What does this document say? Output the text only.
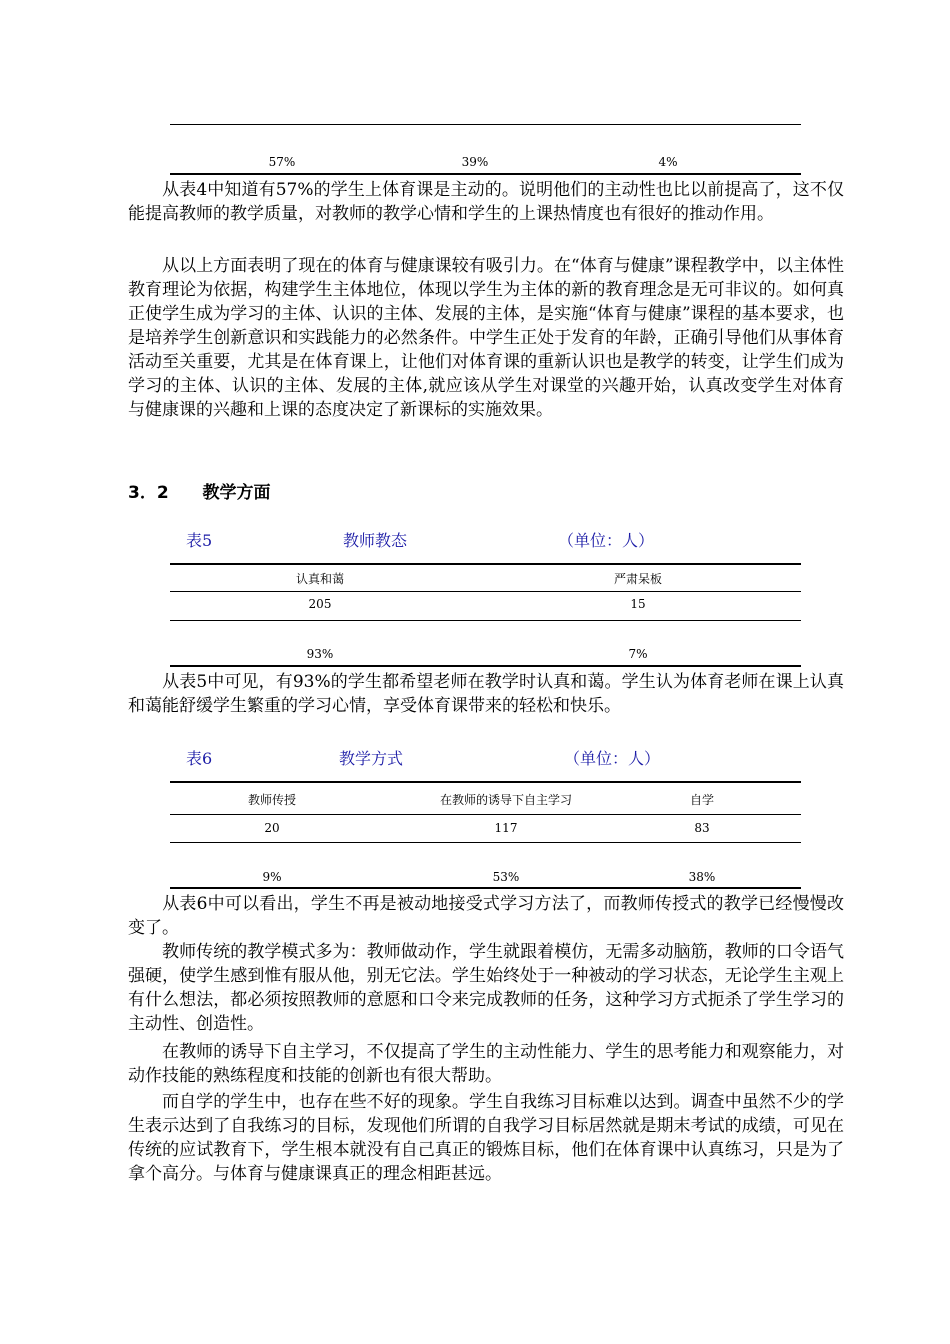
57%	39%	4%

从表4中知道有57%的学生上体育课是主动的。说明他们的主动性也比以前提高了，这不仅能提高教师的教学质量，对教师的教学心情和学生的上课热情度也有很好的推动作用。

从以上方面表明了现在的体育与健康课较有吸引力。在“体育与健康”课程教学中，以主体性教育理论为依据，构建学生主体地位，体现以学生为主体的新的教育理念是无可非议的。如何真正使学生成为学习的主体、认识的主体、发展的主体，是实施“体育与健康”课程的基本要求，也是培养学生创新意识和实践能力的必然条件。中学生正处于发育的年龄，正确引导他们从事体育活动至关重要，尤其是在体育课上，让他们对体育课的重新认识也是教学的转变，让学生们成为学习的主体、认识的主体、发展的主体,就应该从学生对课堂的兴趣开始，认真改变学生对体育与健康课的兴趣和上课的态度决定了新课标的实施效果。

3．2 教学方面
表5	教师教态	（单位：人）
认真和蔼	严肃呆板
205	15
93%	7%

从表5中可见，有93%的学生都希望老师在教学时认真和蔼。学生认为体育老师在课上认真和蔼能舒缓学生繁重的学习心情，享受体育课带来的轻松和快乐。

表6	教学方式	（单位：人）
教师传授	在教师的诱导下自主学习	自学
20	117	83
9%	53%	38%

从表6中可以看出，学生不再是被动地接受式学习方法了，而教师传授式的教学已经慢慢改变了。

教师传统的教学模式多为：教师做动作，学生就跟着模仿，无需多动脑筋，教师的口令语气强硬，使学生感到惟有服从他，别无它法。学生始终处于一种被动的学习状态，无论学生主观上有什么想法，都必须按照教师的意愿和口令来完成教师的任务，这种学习方式扼杀了学生学习的主动性、创造性。

在教师的诱导下自主学习，不仅提高了学生的主动性能力、学生的思考能力和观察能力，对动作技能的熟练程度和技能的创新也有很大帮助。

而自学的学生中，也存在些不好的现象。学生自我练习目标难以达到。调查中虽然不少的学生表示达到了自我练习的目标，发现他们所谓的自我学习目标居然就是期末考试的成绩，可见在传统的应试教育下，学生根本就没有自己真正的锻炼目标，他们在体育课中认真练习，只是为了拿个高分。与体育与健康课真正的理念相距甚远。
